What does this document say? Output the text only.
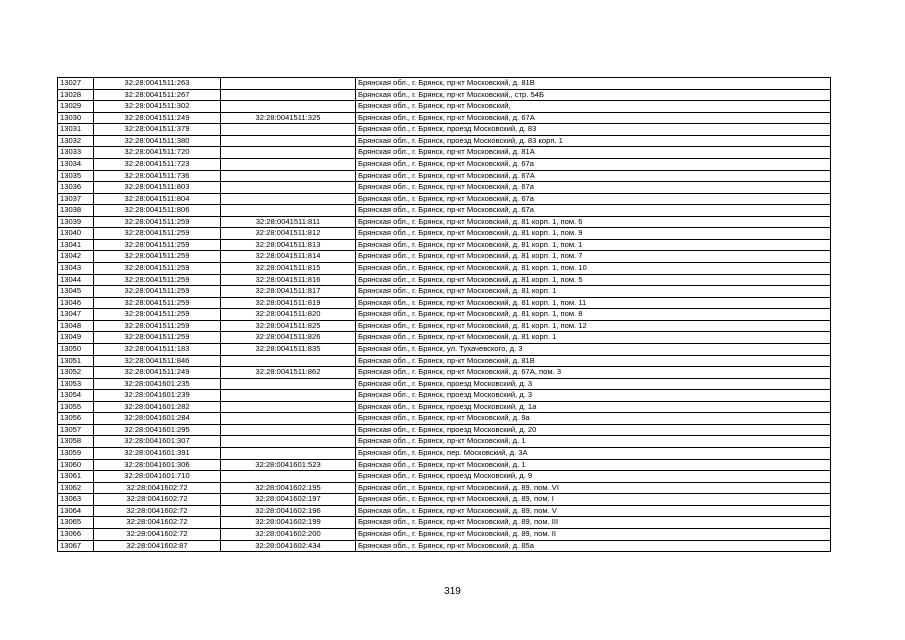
13027	32:28:0041511:263		Брянская обл., г. Брянск, пр-кт Московский, д. 81В
13028	32:28:0041511:267		Брянская обл., г. Брянск, пр-кт Московский,, стр. 54Б
13029	32:28:0041511:302		Брянская обл., г. Брянск, пр-кт Московский,
13030	32:28:0041511:249	32:28:0041511:325	Брянская обл., г. Брянск, пр-кт Московский, д. 67А
13031	32:28:0041511:379		Брянская обл., г. Брянск, проезд Московский, д. 83
13032	32:28:0041511:380		Брянская обл., г. Брянск, проезд Московский, д. 83 корп. 1
13033	32:28:0041511:720		Брянская обл., г. Брянск, пр-кт Московский, д. 81А
13034	32:28:0041511:723		Брянская обл., г. Брянск, пр-кт Московский, д. 67а
13035	32:28:0041511:736		Брянская обл., г. Брянск, пр-кт Московский, д. 67А
13036	32:28:0041511:803		Брянская обл., г. Брянск, пр-кт Московский, д. 67а
13037	32:28:0041511:804		Брянская обл., г. Брянск, пр-кт Московский, д. 67а
13038	32:28:0041511:806		Брянская обл., г. Брянск, пр-кт Московский, д. 67а
13039	32:28:0041511:259	32:28:0041511:811	Брянская обл., г. Брянск, пр-кт Московский, д. 81 корп. 1, пом. 6
13040	32:28:0041511:259	32:28:0041511:812	Брянская обл., г. Брянск, пр-кт Московский, д. 81 корп. 1, пом. 9
13041	32:28:0041511:259	32:28:0041511:813	Брянская обл., г. Брянск, пр-кт Московский, д. 81 корп. 1, пом. 1
13042	32:28:0041511:259	32:28:0041511:814	Брянская обл., г. Брянск, пр-кт Московский, д. 81 корп. 1, пом. 7
13043	32:28:0041511:259	32:28:0041511:815	Брянская обл., г. Брянск, пр-кт Московский, д. 81 корп. 1, пом. 10
13044	32:28:0041511:259	32:28:0041511:816	Брянская обл., г. Брянск, пр-кт Московский, д. 81 корп. 1, пом. 5
13045	32:28:0041511:259	32:28:0041511:817	Брянская обл., г. Брянск, пр-кт Московский, д. 81 корп. 1
13046	32:28:0041511:259	32:28:0041511:819	Брянская обл., г. Брянск, пр-кт Московский, д. 81 корп. 1, пом. 11
13047	32:28:0041511:259	32:28:0041511:820	Брянская обл., г. Брянск, пр-кт Московский, д. 81 корп. 1, пом. 8
13048	32:28:0041511:259	32:28:0041511:825	Брянская обл., г. Брянск, пр-кт Московский, д. 81 корп. 1, пом. 12
13049	32:28:0041511:259	32:28:0041511:826	Брянская обл., г. Брянск, пр-кт Московский, д. 81 корп. 1
13050	32:28:0041511:183	32:28:0041511:835	Брянская обл., г. Брянск, ул. Тухачевского, д. 3
13051	32:28:0041511:846		Брянская обл., г. Брянск, пр-кт Московский, д. 81В
13052	32:28:0041511:249	32:28:0041511:862	Брянская обл., г. Брянск, пр-кт Московский, д. 67А, пом. 3
13053	32:28:0041601:235		Брянская обл., г. Брянск, проезд Московский, д. 3
13054	32:28:0041601:239		Брянская обл., г. Брянск, проезд Московский, д. 3
13055	32:28:0041601:282		Брянская обл., г. Брянск, проезд Московский, д. 1а
13056	32:28:0041601:284		Брянская обл., г. Брянск, пр-кт Московский, д. 9а
13057	32:28:0041601:295		Брянская обл., г. Брянск, проезд Московский, д. 20
13058	32:28:0041601:307		Брянская обл., г. Брянск, пр-кт Московский, д. 1
13059	32:28:0041601:391		Брянская обл., г. Брянск, пер. Московский, д. 3А
13060	32:28:0041601:306	32:28:0041601:523	Брянская обл., г. Брянск, пр-кт Московский, д. 1
13061	32:28:0041601:710		Брянская обл., г. Брянск, проезд Московский, д. 9
13062	32:28:0041602:72	32:28:0041602:195	Брянская обл., г. Брянск, пр-кт Московский, д. 89, пом. VI
13063	32:28:0041602:72	32:28:0041602:197	Брянская обл., г. Брянск, пр-кт Московский, д. 89, пом. I
13064	32:28:0041602:72	32:28:0041602:196	Брянская обл., г. Брянск, пр-кт Московский, д. 89, пом. V
13065	32:28:0041602:72	32:28:0041602:199	Брянская обл., г. Брянск, пр-кт Московский, д. 89, пом. III
13066	32:28:0041602:72	32:28:0041602:200	Брянская обл., г. Брянск, пр-кт Московский, д. 89, пом. II
13067	32:28:0041602:87	32:28:0041602:434	Брянская обл., г. Брянск, пр-кт Московский, д. 85а
319
